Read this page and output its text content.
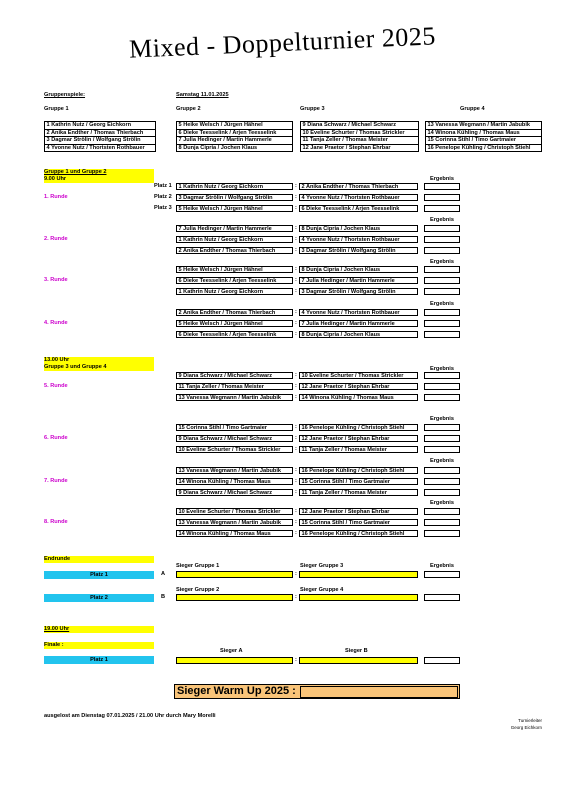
Mixed - Doppelturnier 2025
Gruppenspiele:	Samstag 11.01.2025
Gruppe 1
1 Kathrin Nutz / Georg Eichkorn
2 Anika Endther / Thomas Thierbach
3 Dagmar Strölin / Wolfgang Strölin
4 Yvonne Nutz / Thortsten Rothbauer
Gruppe 2
5 Heike Welsch / Jürgen Hähnel
6 Dieke Teesselink / Arjen Teesselink
7 Julia Hedinger / Martin Hammerle
8 Dunja Cipria / Jochen Klaus
Gruppe 3
9 Diana Schwarz / Michael Schwarz
10 Eveline Schurter / Thomas Strickler
11 Tanja Zeller / Thomas Meister
12 Jane Praetor / Stephan Ehrbar
Gruppe 4
13 Vanessa Wegmann / Martin Jabubik
14 Winona Kühling / Thomas Maus
15 Corinna Stihl / Timo Gartmaier
16 Penelope Kühling / Christoph Stiehl
Gruppe 1 und Gruppe 2
9.00 Uhr
13.00 Uhr
Gruppe 3 und Gruppe 4
Ergebnis
1. Runde
Platz 1	1 Kathrin Nutz / Georg Eichkorn	: 2 Anika Endther / Thomas Thierbach
Platz 2	3 Dagmar Strölin / Wolfgang Strölin	: 4 Yvonne Nutz / Thortsten Rothbauer
Platz 3	5 Heike Welsch / Jürgen Hähnel	: 6 Dieke Teesselink / Arjen Teesselink
Ergebnis
2. Runde
7 Julia Hedinger / Martin Hammerle	: 8 Dunja Cipria / Jochen Klaus
1 Kathrin Nutz / Georg Eichkorn	: 4 Yvonne Nutz / Thortsten Rothbauer
2 Anika Endther / Thomas Thierbach	: 3 Dagmar Strölin / Wolfgang Strölin
Ergebnis
3. Runde
5 Heike Welsch / Jürgen Hähnel	: 8 Dunja Cipria / Jochen Klaus
6 Dieke Teesselink / Arjen Teesselink	: 7 Julia Hedinger / Martin Hammerle
1 Kathrin Nutz / Georg Eichkorn	: 3 Dagmar Strölin / Wolfgang Strölin
Ergebnis
4. Runde
2 Anika Endther / Thomas Thierbach	: 4 Yvonne Nutz / Thortsten Rothbauer
5 Heike Welsch / Jürgen Hähnel	: 7 Julia Hedinger / Martin Hammerle
6 Dieke Teesselink / Arjen Teesselink	: 8 Dunja Cipria / Jochen Klaus
Ergebnis
5. Runde
9 Diana Schwarz / Michael Schwarz	: 10 Eveline Schurter / Thomas Strickler
11 Tanja Zeller / Thomas Meister	: 12 Jane Praetor / Stephan Ehrbar
13 Vanessa Wegmann / Martin Jabubik	: 14 Winona Kühling / Thomas Maus
Ergebnis
6. Runde
15 Corinna Stihl / Timo Gartmaier	: 16 Penelope Kühling / Christoph Stiehl
9 Diana Schwarz / Michael Schwarz	: 12 Jane Praetor / Stephan Ehrbar
10 Eveline Schurter / Thomas Strickler	: 11 Tanja Zeller / Thomas Meister
Ergebnis
7. Runde
13 Vanessa Wegmann / Martin Jabubik	: 16 Penelope Kühling / Christoph Stiehl
14 Winona Kühling / Thomas Maus	: 15 Corinna Stihl / Timo Gartmaier
9 Diana Schwarz / Michael Schwarz	: 11 Tanja Zeller / Thomas Meister
Ergebnis
8. Runde
10 Eveline Schurter / Thomas Strickler	: 12 Jane Praetor / Stephan Ehrbar
13 Vanessa Wegmann / Martin Jabubik	: 15 Corinna Stihl / Timo Gartmaier
14 Winona Kühling / Thomas Maus	: 16 Penelope Kühling / Christoph Stiehl
Endrunde
Sieger Gruppe 1	Sieger Gruppe 3	Ergebnis
Platz 1	A	:
Sieger Gruppe 2	Sieger Gruppe 4
Platz 2	B	:
19.00 Uhr
Finale :
Sieger A	Sieger B
Platz 1	:
Sieger Warm Up 2025 :
ausgelost am Dienstag 07.01.2025 / 21.00 Uhr durch Mary Morelli
Turnierleiter
Georg Eichkorn
